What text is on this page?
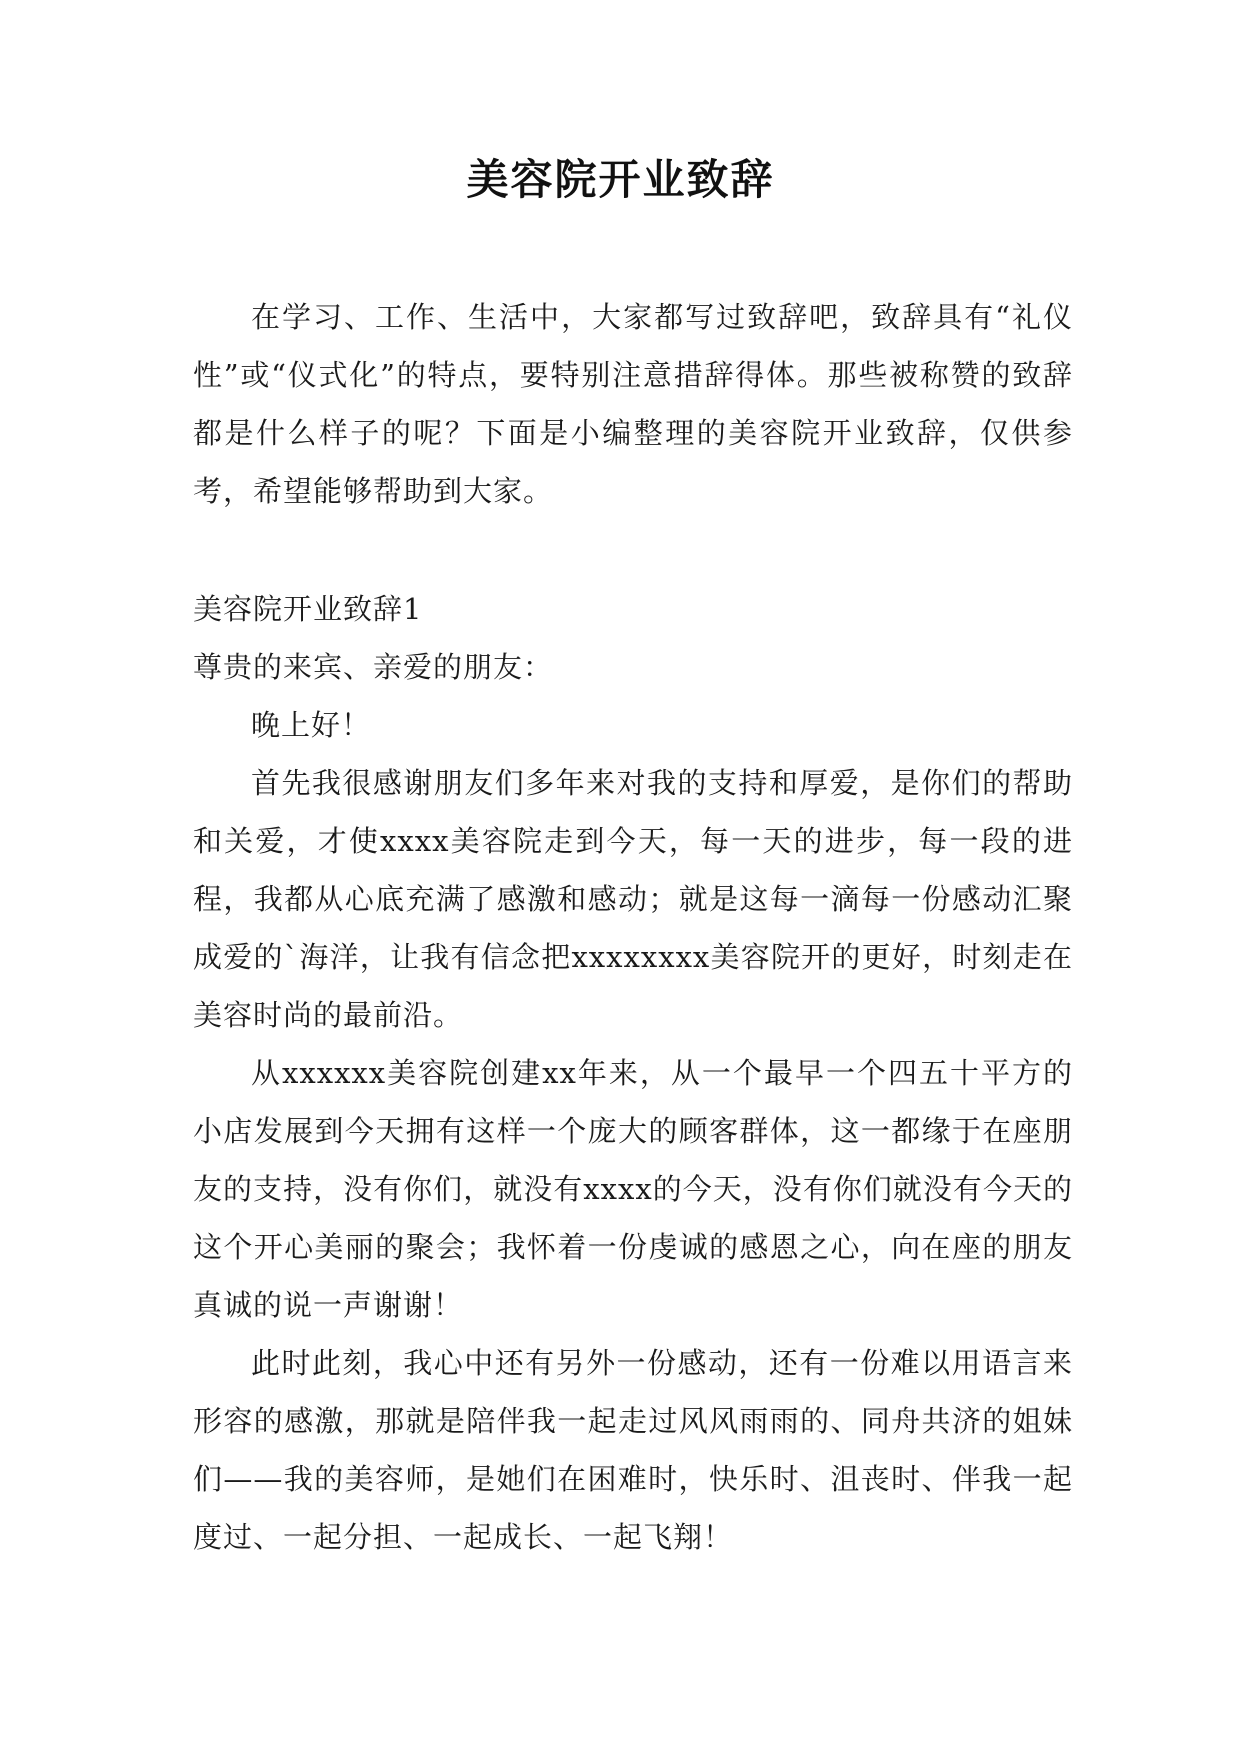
美容院开业致辞

在学习、工作、生活中，大家都写过致辞吧，致辞具有“礼仪性”或“仪式化”的特点，要特别注意措辞得体。那些被称赞的致辞都是什么样子的呢？下面是小编整理的美容院开业致辞，仅供参考，希望能够帮助到大家。

美容院开业致辞1

尊贵的来宾、亲爱的朋友：

晚上好！

首先我很感谢朋友们多年来对我的支持和厚爱，是你们的帮助和关爱，才使xxxx美容院走到今天，每一天的进步，每一段的进程，我都从心底充满了感激和感动；就是这每一滴每一份感动汇聚成爱的`海洋，让我有信念把xxxxxxxx美容院开的更好，时刻走在美容时尚的最前沿。

从xxxxxx美容院创建xx年来，从一个最早一个四五十平方的小店发展到今天拥有这样一个庞大的顾客群体，这一都缘于在座朋友的支持，没有你们，就没有xxxx的今天，没有你们就没有今天的这个开心美丽的聚会；我怀着一份虔诚的感恩之心，向在座的朋友真诚的说一声谢谢！

此时此刻，我心中还有另外一份感动，还有一份难以用语言来形容的感激，那就是陪伴我一起走过风风雨雨的、同舟共济的姐妹们——我的美容师，是她们在困难时，快乐时、沮丧时、伴我一起度过、一起分担、一起成长、一起飞翔！
